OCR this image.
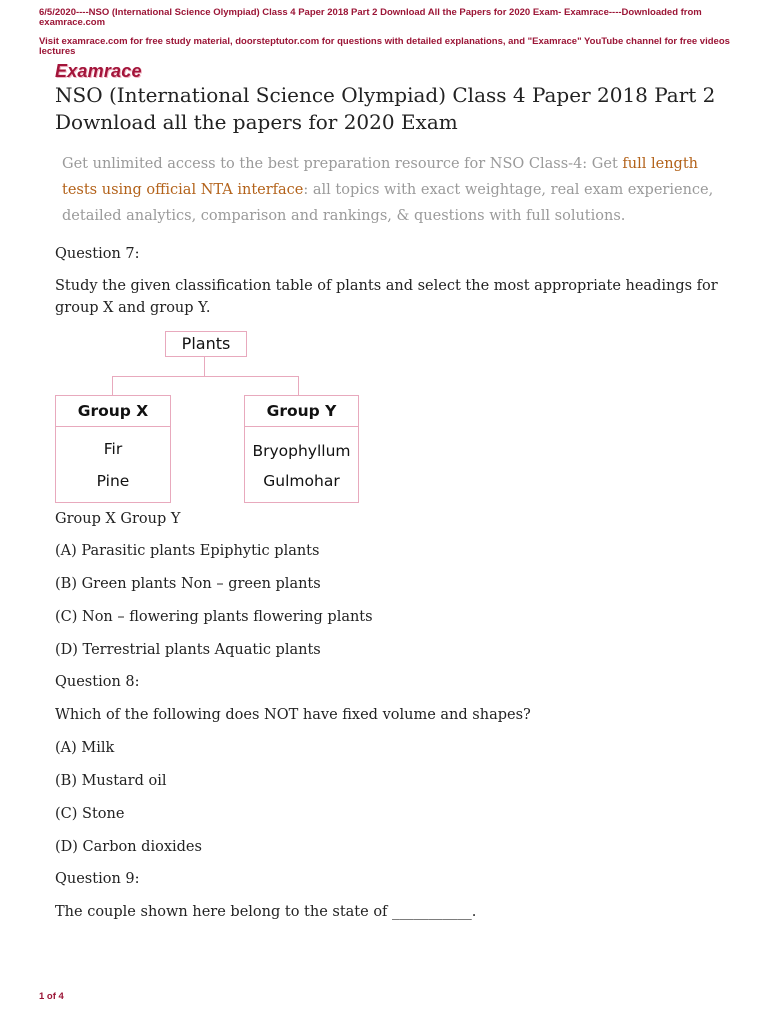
6/5/2020----NSO (International Science Olympiad) Class 4 Paper 2018 Part 2 Download All the Papers for 2020 Exam- Examrace----Downloaded from examrace.com
Visit examrace.com for free study material, doorsteptutor.com for questions with detailed explanations, and "Examrace" YouTube channel for free videos lectures
Examrace
NSO (International Science Olympiad) Class 4 Paper 2018 Part 2 Download all the papers for 2020 Exam
Get unlimited access to the best preparation resource for NSO Class-4: Get full length tests using official NTA interface: all topics with exact weightage, real exam experience, detailed analytics, comparison and rankings, & questions with full solutions.
Question 7:
Study the given classification table of plants and select the most appropriate headings for group X and group Y.
Plants
Group X
Fir
Pine
Group Y
Bryophyllum
Gulmohar
Group X Group Y
(A) Parasitic plants Epiphytic plants
(B) Green plants Non – green plants
(C) Non – flowering plants flowering plants
(D) Terrestrial plants Aquatic plants
Question 8:
Which of the following does NOT have fixed volume and shapes?
(A) Milk
(B) Mustard oil
(C) Stone
(D) Carbon dioxides
Question 9:
The couple shown here belong to the state of ___________.
1 of 4
